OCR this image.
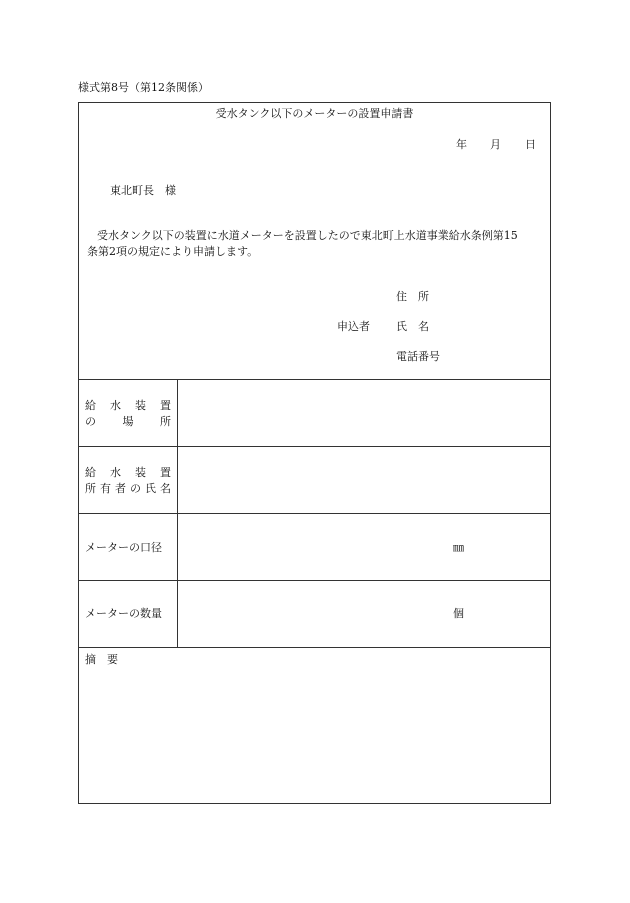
様式第8号（第12条関係）
受水タンク以下のメーターの設置申請書
年 月 日
東北町長　様
受水タンク以下の装置に水道メーターを設置したので東北町上水道事業給水条例第15
条第2項の規定により申請します。
住　所
申込者 氏　名
電話番号
給 水 装 置
の 場 所
給 水 装 置
所 有 者 の 氏 名
メーターの口径	㎜
メーターの数量	個
摘　要
